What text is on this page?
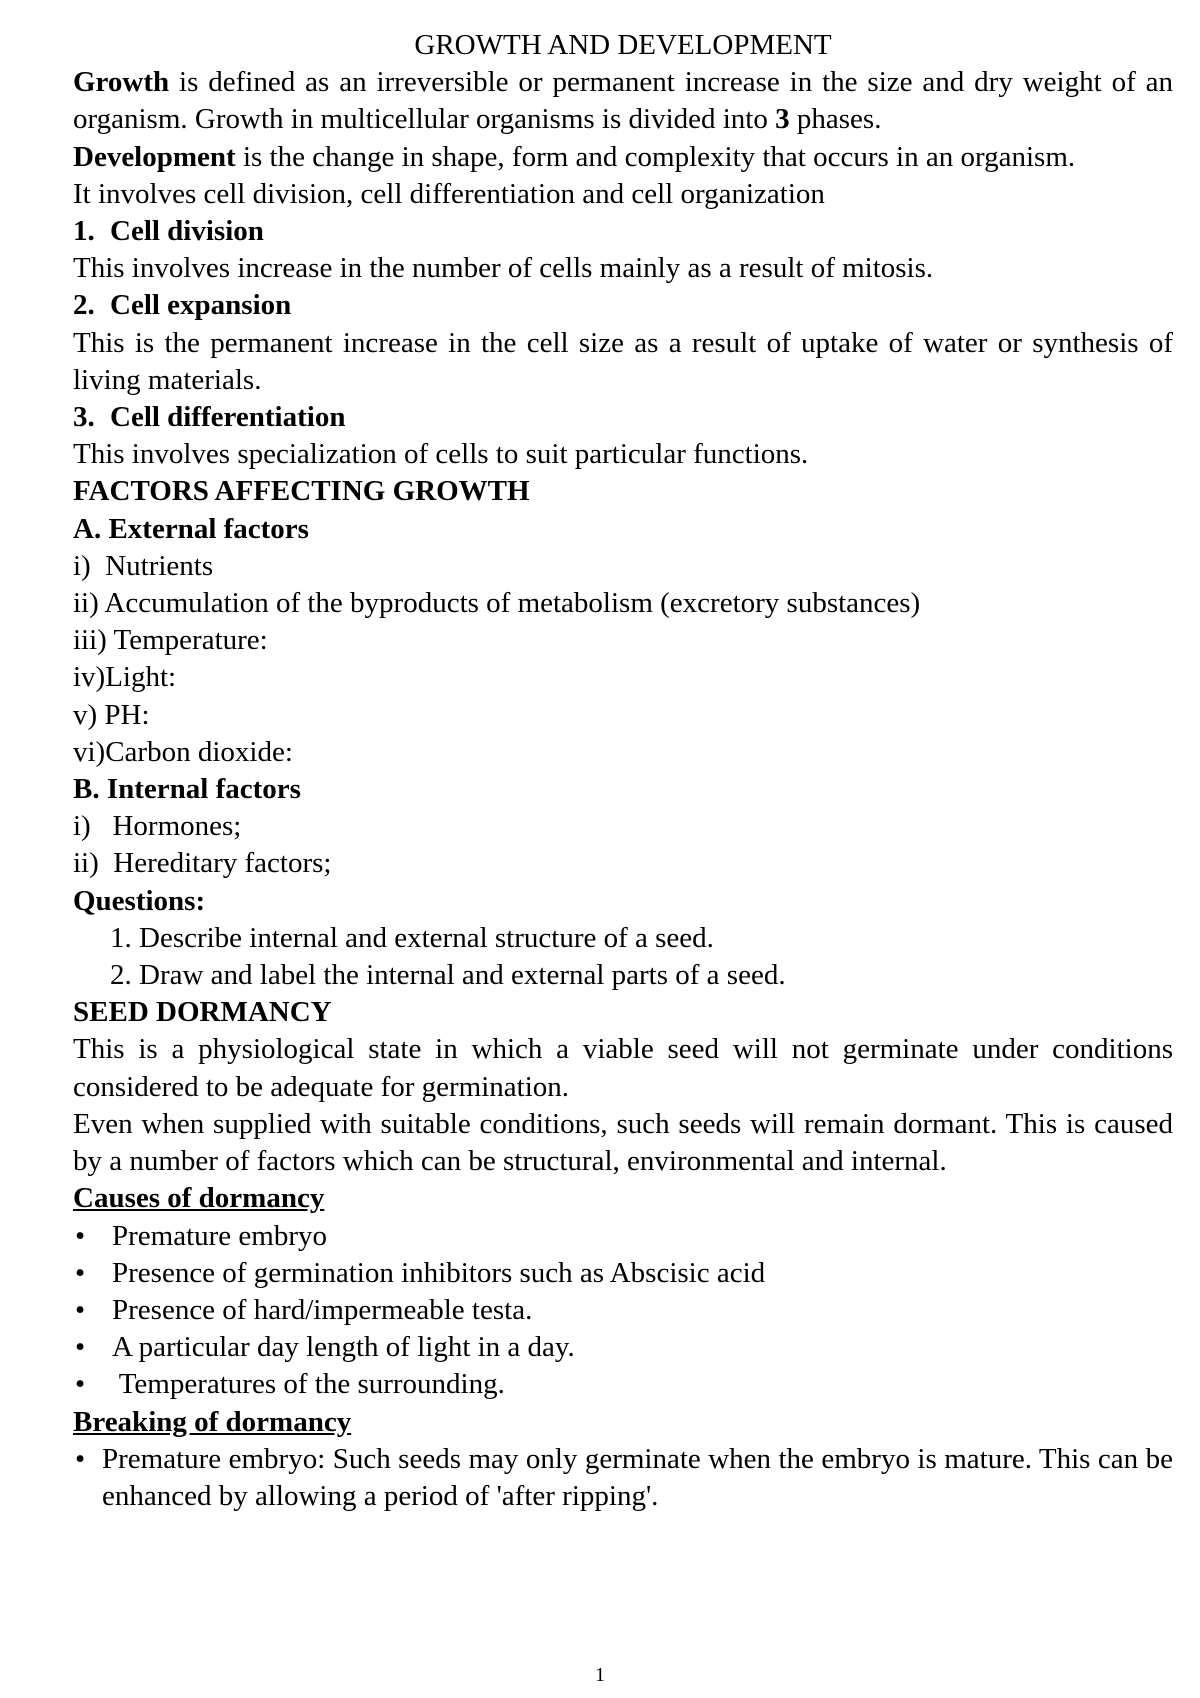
GROWTH AND DEVELOPMENT
Growth is defined as an irreversible or permanent increase in the size and dry weight of an organism. Growth in multicellular organisms is divided into 3 phases.
Development is the change in shape, form and complexity that occurs in an organism.
It involves cell division, cell differentiation and cell organization
1. Cell division
This involves increase in the number of cells mainly as a result of mitosis.
2. Cell expansion
This is the permanent increase in the cell size as a result of uptake of water or synthesis of living materials.
3. Cell differentiation
This involves specialization of cells to suit particular functions.
FACTORS AFFECTING GROWTH
A. External factors
i)  Nutrients
ii) Accumulation of the byproducts of metabolism (excretory substances)
iii) Temperature:
iv)Light:
v) PH:
vi)Carbon dioxide:
B. Internal factors
i)   Hormones;
ii)  Hereditary factors;
Questions:
1. Describe internal and external structure of a seed.
2. Draw and label the internal and external parts of a seed.
SEED DORMANCY
This is a physiological state in which a viable seed will not germinate under conditions considered to be adequate for germination.
Even when supplied with suitable conditions, such seeds will remain dormant. This is caused by a number of factors which can be structural, environmental and internal.
Causes of dormancy
• Premature embryo
• Presence of germination inhibitors such as Abscisic acid
• Presence of hard/impermeable testa.
• A particular day length of light in a day.
• Temperatures of the surrounding.
Breaking of dormancy
• Premature embryo: Such seeds may only germinate when the embryo is mature. This can be enhanced by allowing a period of 'after ripping'.
1
